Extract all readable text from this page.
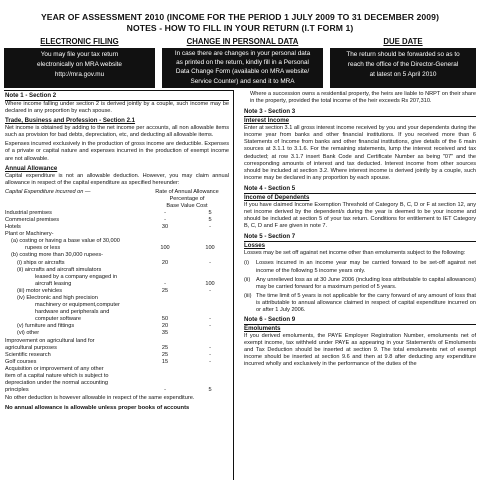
YEAR OF ASSESSMENT 2010 (INCOME FOR THE PERIOD 1 JULY 2009 TO 31 DECEMBER 2009)
NOTES - HOW TO FILL IN YOUR RETURN (I.T FORM 1)
ELECTRONIC FILING
You may file your tax return
electronically on MRA website
http://mra.gov.mu
CHANGE IN PERSONAL DATA
In case there are changes in your personal data
as printed on the return, kindly fill in a Personal
Data Change Form (available on MRA website/
Service Counter) and send it to MRA
DUE DATE
The return should be forwarded so as to
reach the office of the Director-General
at latest on 5 April 2010
Note 1 - Section 2

Where income falling under section 2 is derived jointly by a couple, such income may be declared in any proportion by each spouse.

Trade, Business and Profession - Section 2.1

Net income is obtained by adding to the net income per accounts, all non allowable items such as provision for bad debts, depreciation, etc, and deducting all allowable items.

Expenses incurred exclusively in the production of gross income are deductible. Expenses of a private or capital nature and expenses incurred in the production of exempt income are not allowable.

Annual Allowance

Capital expenditure is not an allowable deduction. However, you may claim annual allowance in respect of the capital expenditure as specified hereunder:

Capital Expenditure incurred on —	Rate of Annual Allowance
Percentage of
Base Value Cost
Industrial premises	-	5
Commercial premises	-	5
Hotels	30	-
Plant or Machinery-
(a) costing or having a base value of 30,000
rupees or less	100	100
(b) costing more than 30,000 rupees-
(i) ships or aircrafts	20	-
(ii) aircrafts and aircraft simulators
leased by a company engaged in
aircraft leasing	-	100
(iii) motor vehicles	25	-
(iv) Electronic and high precision
machinery or equipment,computer
hardware and peripherals and
computer software	50	-
(v) furniture and fittings	20	-
(vi) other	35
Improvement on agricultural land for
agricultural purposes	25	-
Scientific research	25	-
Golf courses	15	-
Acquisition or improvement of any other
item of a capital nature which is subject to
depreciation under the normal accounting
principles	-	5

No other deduction is however allowable in respect of the same expenditure.

No annual allowance is allowable unless proper books of accounts

Where a succession owns a residential property, the heirs are liable to NRPT on their share in the property, provided the total income of the heir exceeds Rs 207,310.

Note 3 - Section 3
Interest Income

Enter at section 3.1 all gross interest income received by you and your dependents during the income year from banks and other financial institutions. If you received more than 6 Statements of Income from banks and other financial institutions, give details of the 6 main sources at 3.1.1 to 3.1.6. For the remaining statements, lump the interest received and tax deducted; at row 3.1.7 insert Bank Code and Certificate Number as being "07" and the corresponding amounts of interest and tax deducted. Interest income from other sources should be included at section 3.2. Where interest income is derived jointly by a couple, such income may be declared in any proportion by each spouse.

Note 4 - Section 5
Income of Dependents

If you have claimed Income Exemption Threshold of Category B, C, D or F at section 12, any net income derived by the dependent/s during the year is deemed to be your income and should be included at section 5 of your tax return. Conditions for entitlement to IET Category B, C, D and F are given in note 7.

Note 5 - Section 7
Losses

Losses may be set off against net income other than emoluments subject to the following:

(i)	Losses incurred in an income year may be carried forward to be set-off against net income of the following 5 income years only.
(ii)	Any unrelieved loss as at 30 June 2006 (including loss attributable to capital allowances) may be carried forward for a maximum period of 5 years.
(iii) The time limit of 5 years is not applicable for the carry forward of any amount of loss that is attributable to annual allowance claimed in respect of capital expenditure incurred on or after 1 July 2006.
Note 6 - Section 9
Emoluments

If you derived emoluments, the PAYE Employer Registration Number, emoluments net of exempt income, tax withheld under PAYE as appearing in your Statement/s of Emoluments and Tax Deduction should be inserted at section 9. The total emoluments net of exempt income should be inserted at section 9.6 and then at 9.8 after deducting any expenditure incurred wholly and exclusively in the performance of the duties of the
